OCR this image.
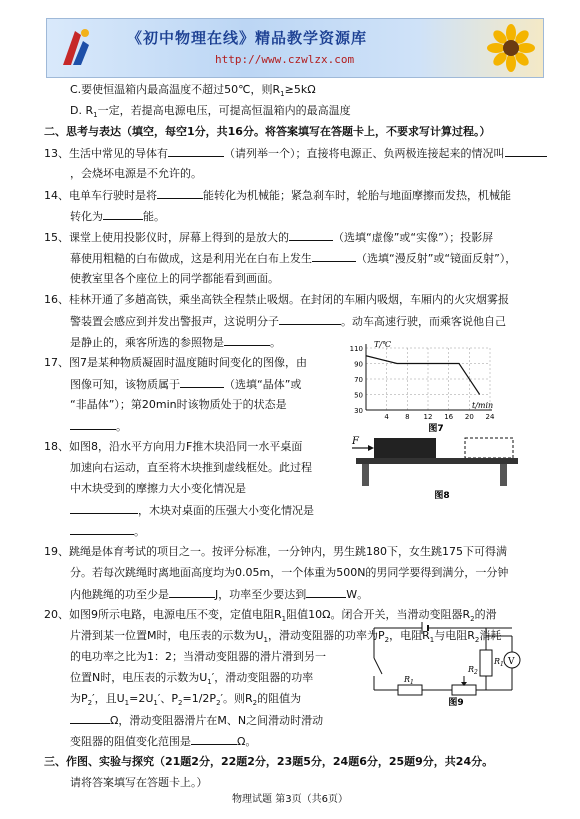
《初中物理在线》精品教学资源库
http://www.czwlzx.com
C.要使恒温箱内最高温度不超过50℃，则$R_1\ge 5k\Omega$
D. $R_1$一定，若提高电源电压，可提高恒温箱内的最高温度
二、思考与表达（填空，每空1分，共16分。将答案填写在答题卡上，不要求写计算过程。）
13、生活中常见的导体有	（请列举一个）；直接将电源正、负两极连接起来的情况叫
，会烧坏电源是不允许的。
14、电单车行驶时是将	能转化为机械能；紧急刹车时，轮胎与地面摩擦而发热，机械能
转化为	能。
15、课堂上使用投影仪时，屏幕上得到的是放大的	（选填“虚像”或“实像”）；投影屏
幕使用粗糙的白布做成，这是利用光在白布上发生	（选填“漫反射”或“镜面反射”），
使教室里各个座位上的同学都能看到画面。
16、桂林开通了多趟高铁，乘坐高铁全程禁止吸烟。在封闭的车厢内吸烟，车厢内的火灾烟雾报
警装置会感应到并发出警报声，这说明分子	。动车高速行驶，而乘客说他自己
是静止的，乘客所选的参照物是	。
17、图7是某种物质凝固时温度随时间变化的图像，由
图像可知，该物质属于	（选填“晶体”或
“非晶体”）；第20min时该物质处于的状态是
。
18、如图8，沿水平方向用力F推木块沿同一水平桌面
加速向右运动，直至将木块推到虚线框处。此过程
中木块受到的摩擦力大小变化情况是
，木块对桌面的压强大小变化情况是
。
19、跳绳是体育考试的项目之一。按评分标准，一分钟内，男生跳180下，女生跳175下可得满
分。若每次跳绳时离地面高度均为0.05m，一个体重为500N的男同学要得到满分，一分钟
内他跳绳的功至少是	J，功率至少要达到	W。
20、如图9所示电路，电源电压不变，定值电阻$R_1$阻值10Ω。闭合开关，当滑动变阻器$R_2$的滑
片滑到某一位置M时，电压表的示数为$U_1$，滑动变阻器的功率为$P_2$，电阻$R_1$与电阻$R_2$消耗
的电功率之比为1：2；当滑动变阻器的滑片滑到另一
位置N时，电压表的示数为$U_1'$，滑动变阻器的功率
为$P_2'$，且$U_1=2U_1'$、$P_2=1/2P_2'$。则$R_2$的阻值为
Ω，滑动变阻器滑片在M、N之间滑动时滑动
变阻器的阻值变化范围是	Ω。
三、作图、实验与探究（21题2分，22题2分，23题5分，24题6分，25题9分，共24分。
请将答案填写在答题卡上。）
T/℃
t/min
30
50
70
90
110
4 8 12 16 20 24
图7
F
图8
V
$R_1$
$R_2$
$R_1$
图9
物理试题 第3页（共6页）
